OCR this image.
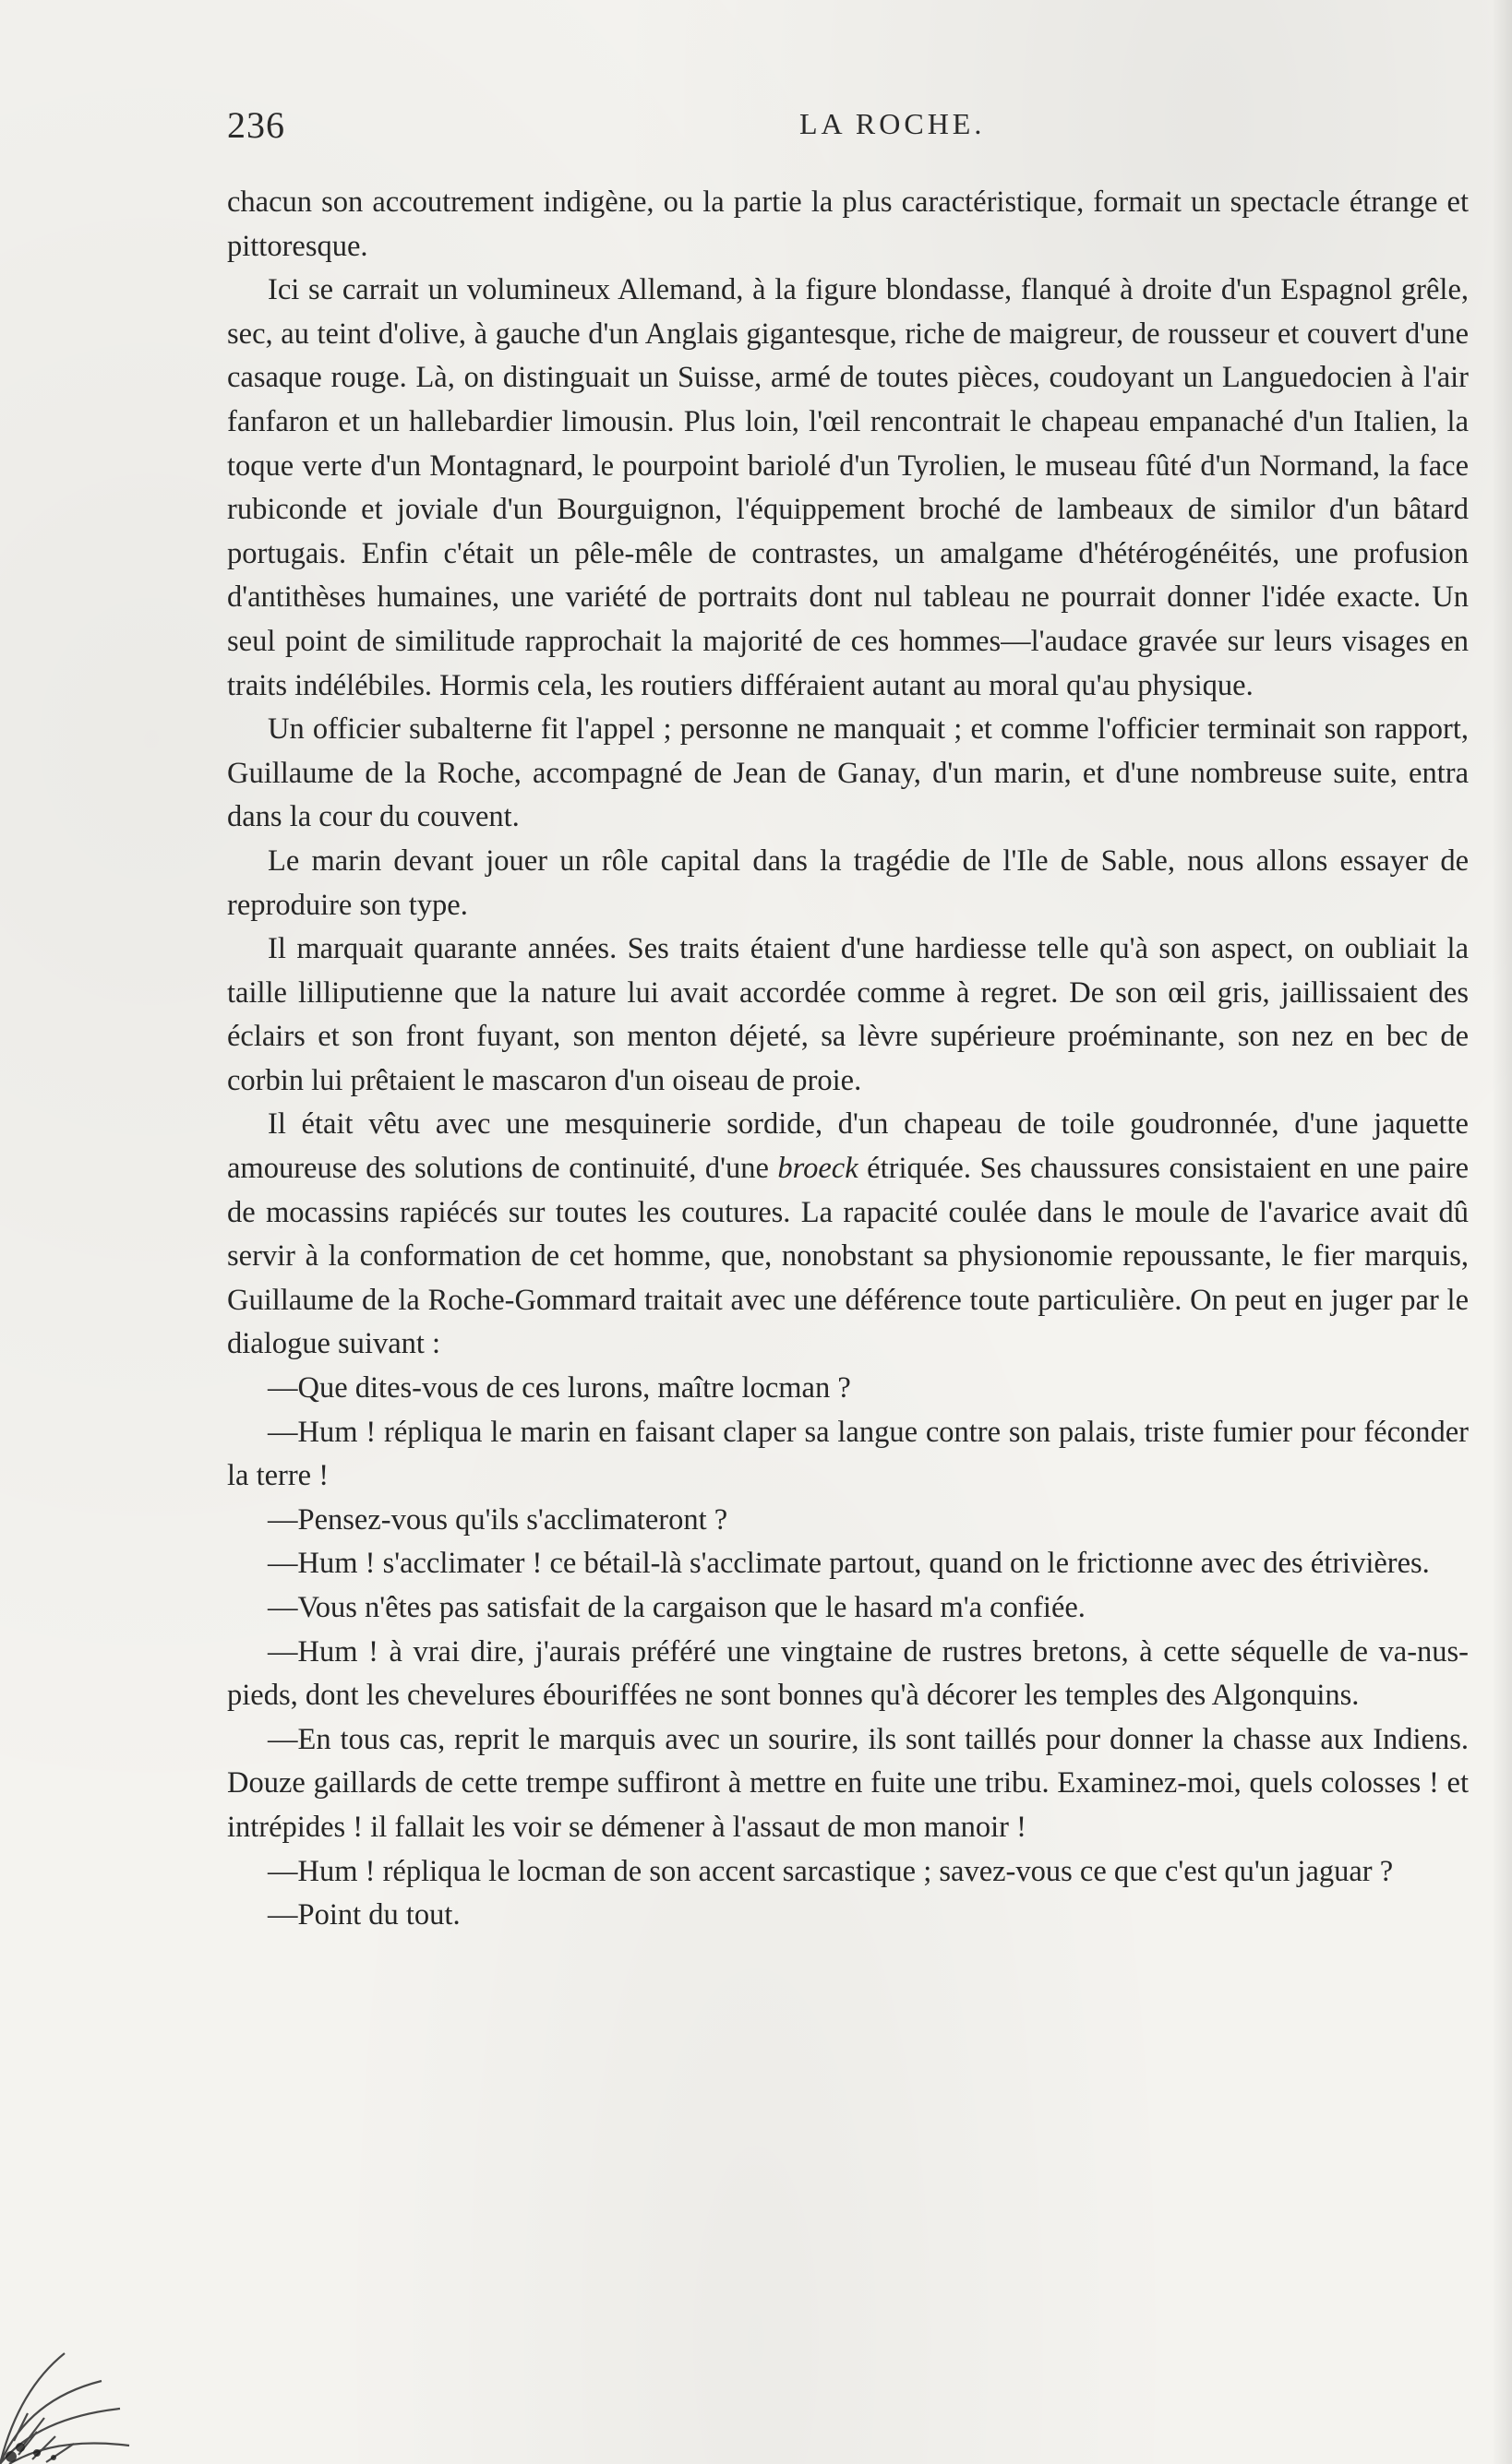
236	LA ROCHE.

chacun son accoutrement indigène, ou la partie la plus caractéristique, formait un spectacle étrange et pittoresque.

Ici se carrait un volumineux Allemand, à la figure blondasse, flanqué à droite d'un Espagnol grêle, sec, au teint d'olive, à gauche d'un Anglais gigantesque, riche de maigreur, de rousseur et couvert d'une casaque rouge. Là, on distinguait un Suisse, armé de toutes pièces, coudoyant un Languedocien à l'air fanfaron et un hallebardier limousin. Plus loin, l'œil rencontrait le chapeau empanaché d'un Italien, la toque verte d'un Montagnard, le pourpoint bariolé d'un Tyrolien, le museau fûté d'un Normand, la face rubiconde et joviale d'un Bourguignon, l'équippement broché de lambeaux de similor d'un bâtard portugais. Enfin c'était un pêle-mêle de contrastes, un amalgame d'hétérogénéités, une profusion d'antithèses humaines, une variété de portraits dont nul tableau ne pourrait donner l'idée exacte. Un seul point de similitude rapprochait la majorité de ces hommes—l'audace gravée sur leurs visages en traits indélébiles. Hormis cela, les routiers différaient autant au moral qu'au physique.

Un officier subalterne fit l'appel ; personne ne manquait ; et comme l'officier terminait son rapport, Guillaume de la Roche, accompagné de Jean de Ganay, d'un marin, et d'une nombreuse suite, entra dans la cour du couvent.

Le marin devant jouer un rôle capital dans la tragédie de l'Ile de Sable, nous allons essayer de reproduire son type.

Il marquait quarante années. Ses traits étaient d'une hardiesse telle qu'à son aspect, on oubliait la taille lilliputienne que la nature lui avait accordée comme à regret. De son œil gris, jaillissaient des éclairs et son front fuyant, son menton déjeté, sa lèvre supérieure proéminante, son nez en bec de corbin lui prêtaient le mascaron d'un oiseau de proie.

Il était vêtu avec une mesquinerie sordide, d'un chapeau de toile goudronnée, d'une jaquette amoureuse des solutions de continuité, d'une broeck étriquée. Ses chaussures consistaient en une paire de mocassins rapiécés sur toutes les coutures. La rapacité coulée dans le moule de l'avarice avait dû servir à la conformation de cet homme, que, nonobstant sa physionomie repoussante, le fier marquis, Guillaume de la Roche-Gommard traitait avec une déférence toute particulière. On peut en juger par le dialogue suivant :

—Que dites-vous de ces lurons, maître locman ?

—Hum ! répliqua le marin en faisant claper sa langue contre son palais, triste fumier pour féconder la terre !

—Pensez-vous qu'ils s'acclimateront ?

—Hum ! s'acclimater ! ce bétail-là s'acclimate partout, quand on le frictionne avec des étrivières.

—Vous n'êtes pas satisfait de la cargaison que le hasard m'a confiée.

—Hum ! à vrai dire, j'aurais préféré une vingtaine de rustres bretons, à cette séquelle de va-nus-pieds, dont les chevelures ébouriffées ne sont bonnes qu'à décorer les temples des Algonquins.

—En tous cas, reprit le marquis avec un sourire, ils sont taillés pour donner la chasse aux Indiens. Douze gaillards de cette trempe suffiront à mettre en fuite une tribu. Examinez-moi, quels colosses ! et intrépides ! il fallait les voir se démener à l'assaut de mon manoir !

—Hum ! répliqua le locman de son accent sarcastique ; savez-vous ce que c'est qu'un jaguar ?

—Point du tout.
